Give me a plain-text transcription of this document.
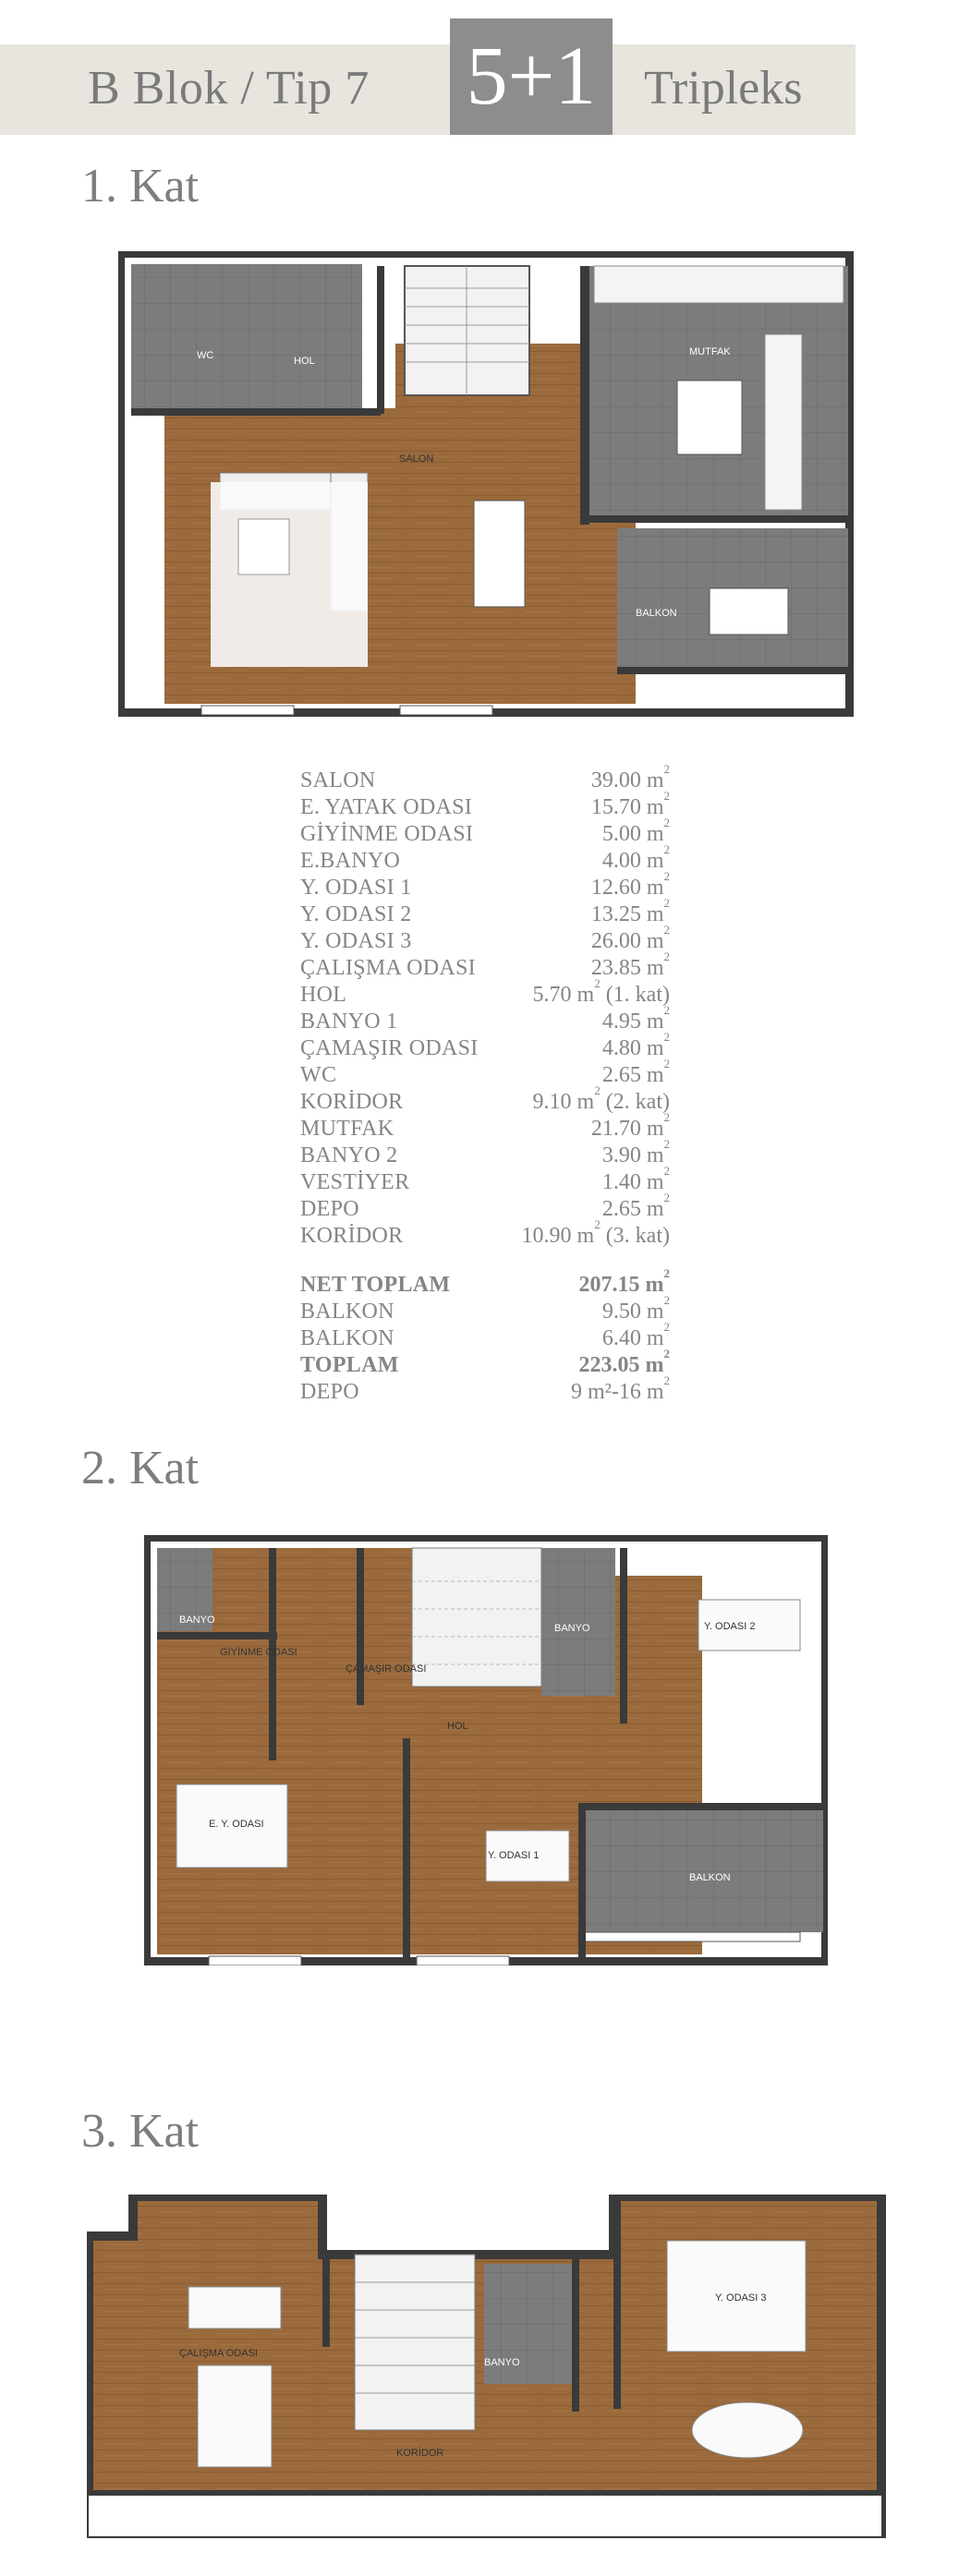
B Blok / Tip 7 5+1 Tripleks
1. Kat
WC	HOL
MUTFAK
SALON
BALKON
SALON	39.00 $m^2$
E. YATAK ODASI	15.70 $m^2$
GİYİNME ODASI	5.00 $m^2$
E.BANYO	4.00 $m^2$
Y. ODASI 1	12.60 $m^2$
Y. ODASI 2	13.25 $m^2$
Y. ODASI 3	26.00 $m^2$
ÇALIŞMA ODASI	23.85 $m^2$
HOL	5.70 $m^2$ (1. kat)
BANYO 1	4.95 $m^2$
ÇAMAŞIR ODASI	4.80 $m^2$
WC	2.65 $m^2$
KORİDOR	9.10 $m^2$ (2. kat)
MUTFAK	21.70 $m^2$
BANYO 2	3.90 $m^2$
VESTİYER	1.40 $m^2$
DEPO	2.65 $m^2$
KORİDOR	10.90 $m^2$ (3. kat)
NET TOPLAM	207.15 $m^2$
BALKON	9.50 $m^2$
BALKON	6.40 $m^2$
TOPLAM	223.05 $m^2$
DEPO	9 m²-16 $m^2$
2. Kat
BANYO
GİYİNME ODASI
ÇAMAŞIR ODASI
BANYO	Y. ODASI 2
HOL
E. Y. ODASI
Y. ODASI 1
BALKON
3. Kat
ÇALIŞMA ODASI
BANYO
KORİDOR
Y. ODASI 3
